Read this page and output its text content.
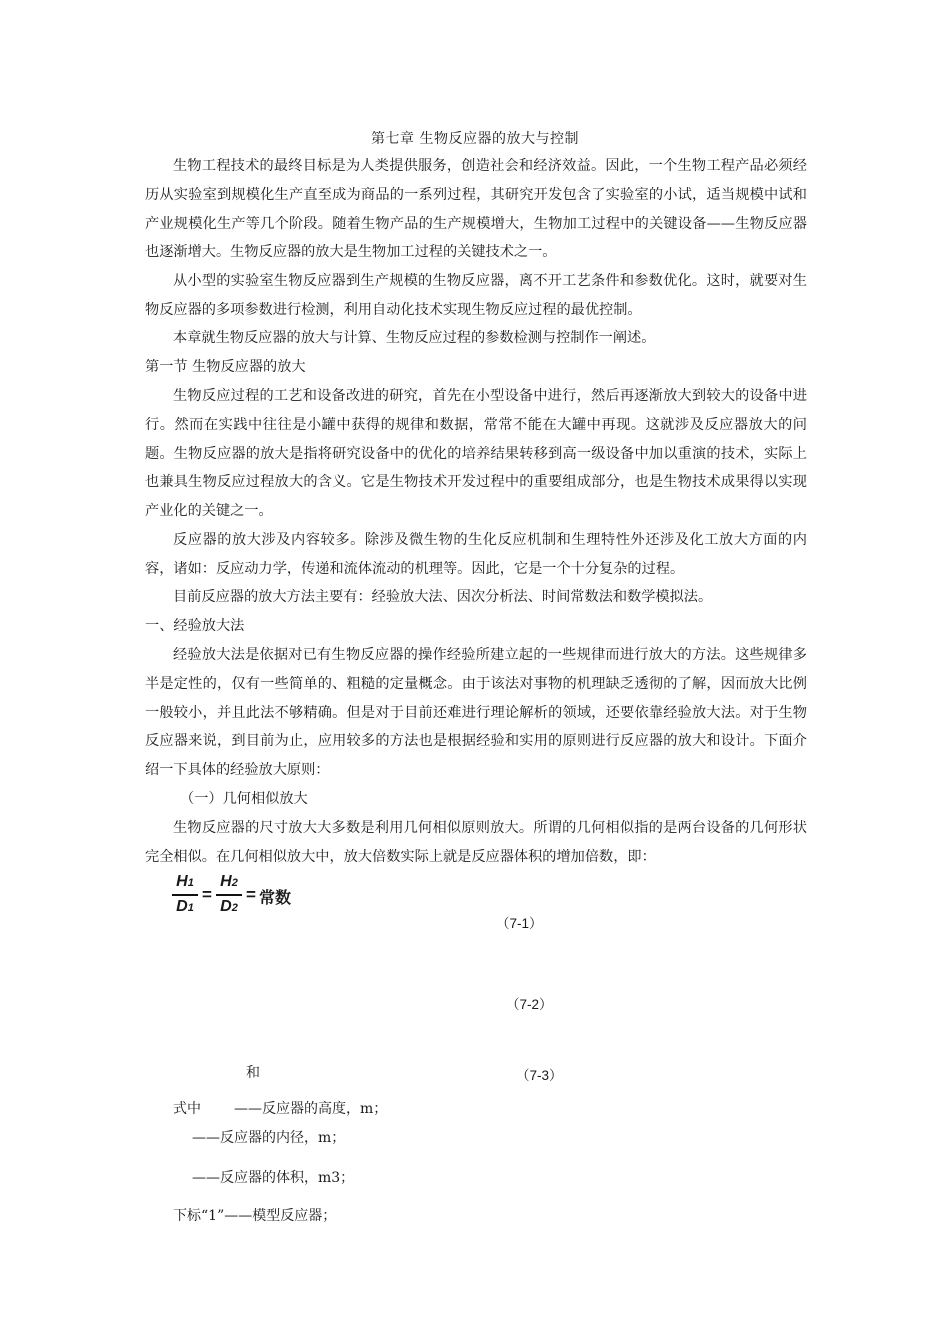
第七章 生物反应器的放大与控制

生物工程技术的最终目标是为人类提供服务，创造社会和经济效益。因此，一个生物工程产品必须经历从实验室到规模化生产直至成为商品的一系列过程，其研究开发包含了实验室的小试，适当规模中试和产业规模化生产等几个阶段。随着生物产品的生产规模增大，生物加工过程中的关键设备——生物反应器也逐渐增大。生物反应器的放大是生物加工过程的关键技术之一。

从小型的实验室生物反应器到生产规模的生物反应器，离不开工艺条件和参数优化。这时，就要对生物反应器的多项参数进行检测，利用自动化技术实现生物反应过程的最优控制。

本章就生物反应器的放大与计算、生物反应过程的参数检测与控制作一阐述。

第一节 生物反应器的放大

生物反应过程的工艺和设备改进的研究，首先在小型设备中进行，然后再逐渐放大到较大的设备中进行。然而在实践中往往是小罐中获得的规律和数据，常常不能在大罐中再现。这就涉及反应器放大的问题。生物反应器的放大是指将研究设备中的优化的培养结果转移到高一级设备中加以重演的技术，实际上也兼具生物反应过程放大的含义。它是生物技术开发过程中的重要组成部分，也是生物技术成果得以实现产业化的关键之一。

反应器的放大涉及内容较多。除涉及微生物的生化反应机制和生理特性外还涉及化工放大方面的内容，诸如：反应动力学，传递和流体流动的机理等。因此，它是一个十分复杂的过程。

目前反应器的放大方法主要有：经验放大法、因次分析法、时间常数法和数学模拟法。

一、经验放大法

经验放大法是依据对已有生物反应器的操作经验所建立起的一些规律而进行放大的方法。这些规律多半是定性的，仅有一些简单的、粗糙的定量概念。由于该法对事物的机理缺乏透彻的了解，因而放大比例一般较小，并且此法不够精确。但是对于目前还难进行理论解析的领域，还要依靠经验放大法。对于生物反应器来说，到目前为止，应用较多的方法也是根据经验和实用的原则进行反应器的放大和设计。下面介绍一下具体的经验放大原则：

（一）几何相似放大

生物反应器的尺寸放大大多数是利用几何相似原则放大。所谓的几何相似指的是两台设备的几何形状完全相似。在几何相似放大中，放大倍数实际上就是反应器体积的增加倍数，即：

H1
D1
=
H2
D2
= 常数
（7-1）
（7-2）
和	（7-3）
式中 ——反应器的高度，m；
——反应器的内径，m；
——反应器的体积，m3；
下标“1”——模型反应器；
